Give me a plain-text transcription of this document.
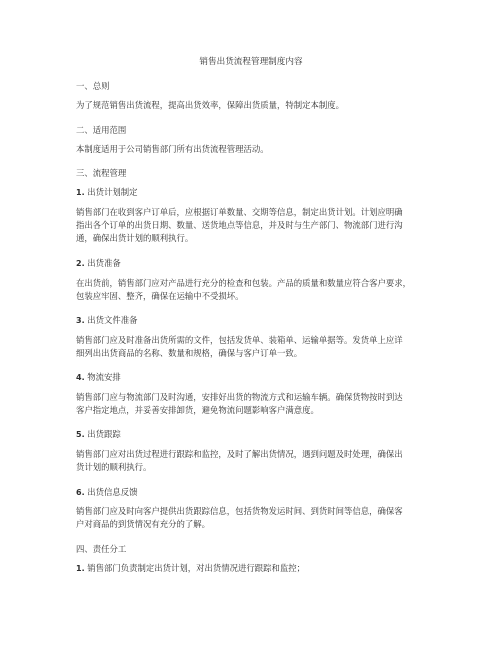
销售出货流程管理制度内容

一、总则

为了规范销售出货流程，提高出货效率，保障出货质量，特制定本制度。

二、适用范围

本制度适用于公司销售部门所有出货流程管理活动。

三、流程管理

1. 出货计划制定

销售部门在收到客户订单后，应根据订单数量、交期等信息，制定出货计划。计划应明确

指出各个订单的出货日期、数量、送货地点等信息，并及时与生产部门、物流部门进行沟

通，确保出货计划的顺利执行。

2. 出货准备

在出货前，销售部门应对产品进行充分的检查和包装。产品的质量和数量应符合客户要求，

包装应牢固、整齐，确保在运输中不受损坏。

3. 出货文件准备

销售部门应及时准备出货所需的文件，包括发货单、装箱单、运输单据等。发货单上应详

细列出出货商品的名称、数量和规格，确保与客户订单一致。

4. 物流安排

销售部门应与物流部门及时沟通，安排好出货的物流方式和运输车辆。确保货物按时到达

客户指定地点，并妥善安排卸货，避免物流问题影响客户满意度。

5. 出货跟踪

销售部门应对出货过程进行跟踪和监控，及时了解出货情况，遇到问题及时处理，确保出

货计划的顺利执行。

6. 出货信息反馈

销售部门应及时向客户提供出货跟踪信息，包括货物发运时间、到货时间等信息，确保客

户对商品的到货情况有充分的了解。

四、责任分工

1. 销售部门负责制定出货计划，对出货情况进行跟踪和监控；
